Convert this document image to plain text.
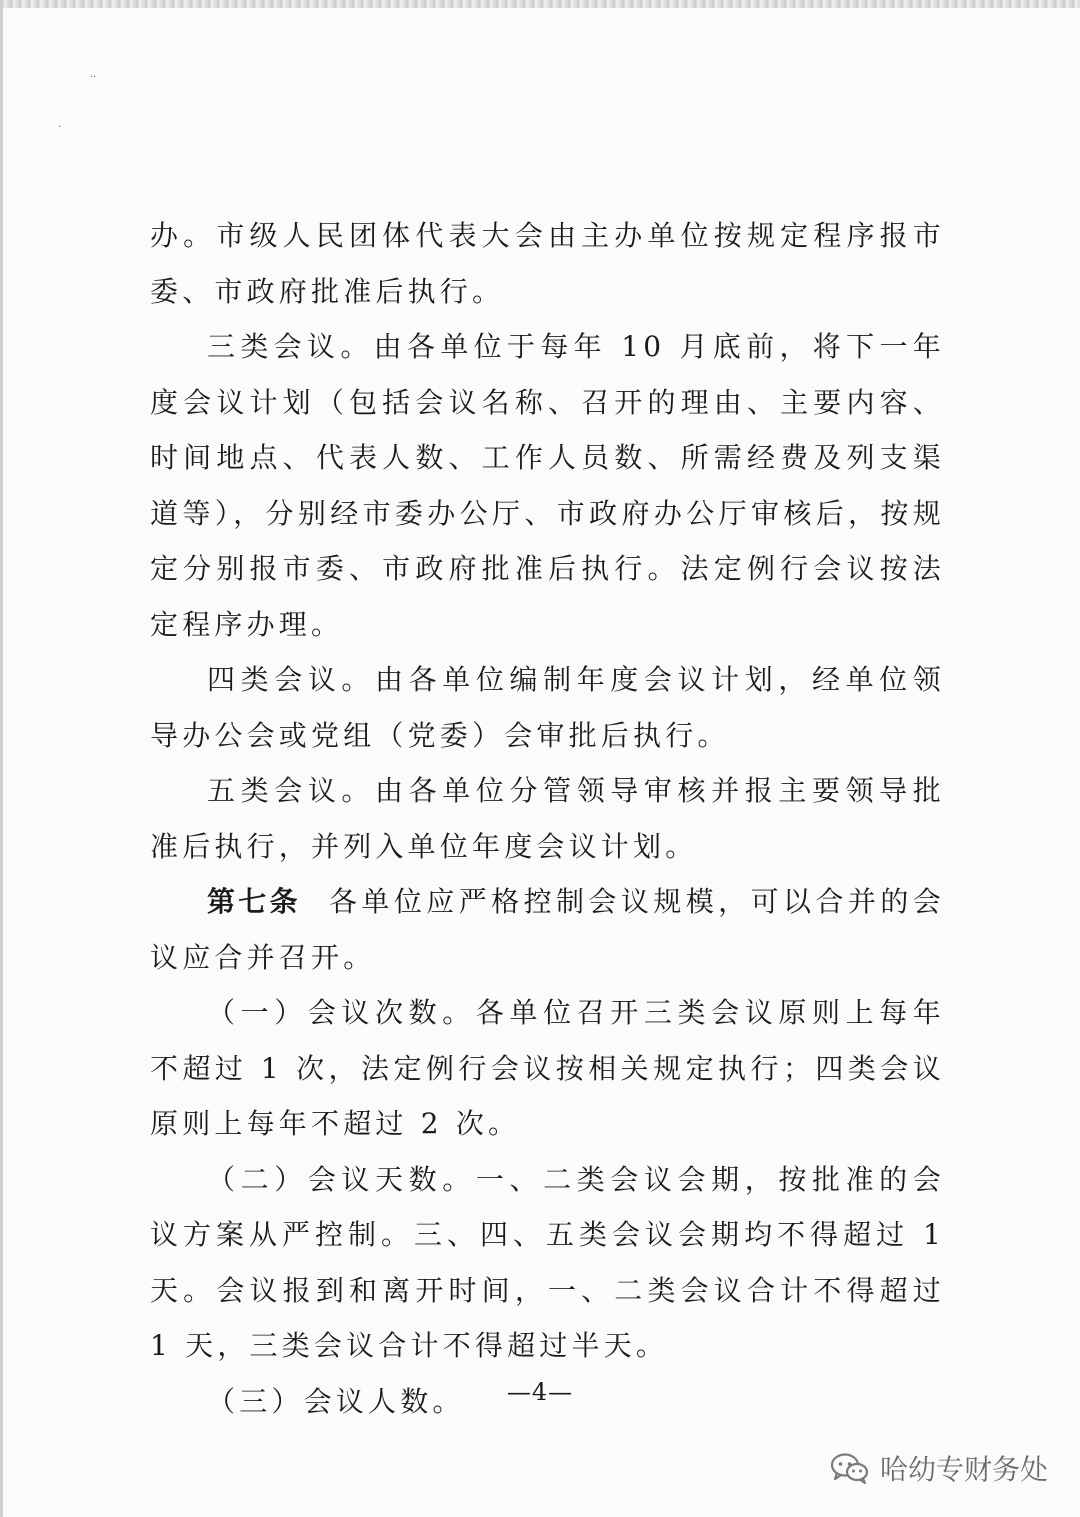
··
·

办。市级人民团体代表大会由主办单位按规定程序报市委、市政府批准后执行。

三类会议。由各单位于每年 10 月底前，将下一年度会议计划（包括会议名称、召开的理由、主要内容、时间地点、代表人数、工作人员数、所需经费及列支渠道等），分别经市委办公厅、市政府办公厅审核后，按规定分别报市委、市政府批准后执行。法定例行会议按法定程序办理。

四类会议。由各单位编制年度会议计划，经单位领导办公会或党组（党委）会审批后执行。

五类会议。由各单位分管领导审核并报主要领导批准后执行，并列入单位年度会议计划。

第七条 各单位应严格控制会议规模，可以合并的会议应合并召开。

（一）会议次数。各单位召开三类会议原则上每年不超过 1 次，法定例行会议按相关规定执行；四类会议原则上每年不超过 2 次。

（二）会议天数。一、二类会议会期，按批准的会议方案从严控制。三、四、五类会议会期均不得超过 1 天。会议报到和离开时间，一、二类会议合计不得超过 1 天，三类会议合计不得超过半天。

（三）会议人数。	—4—
哈幼专财务处
